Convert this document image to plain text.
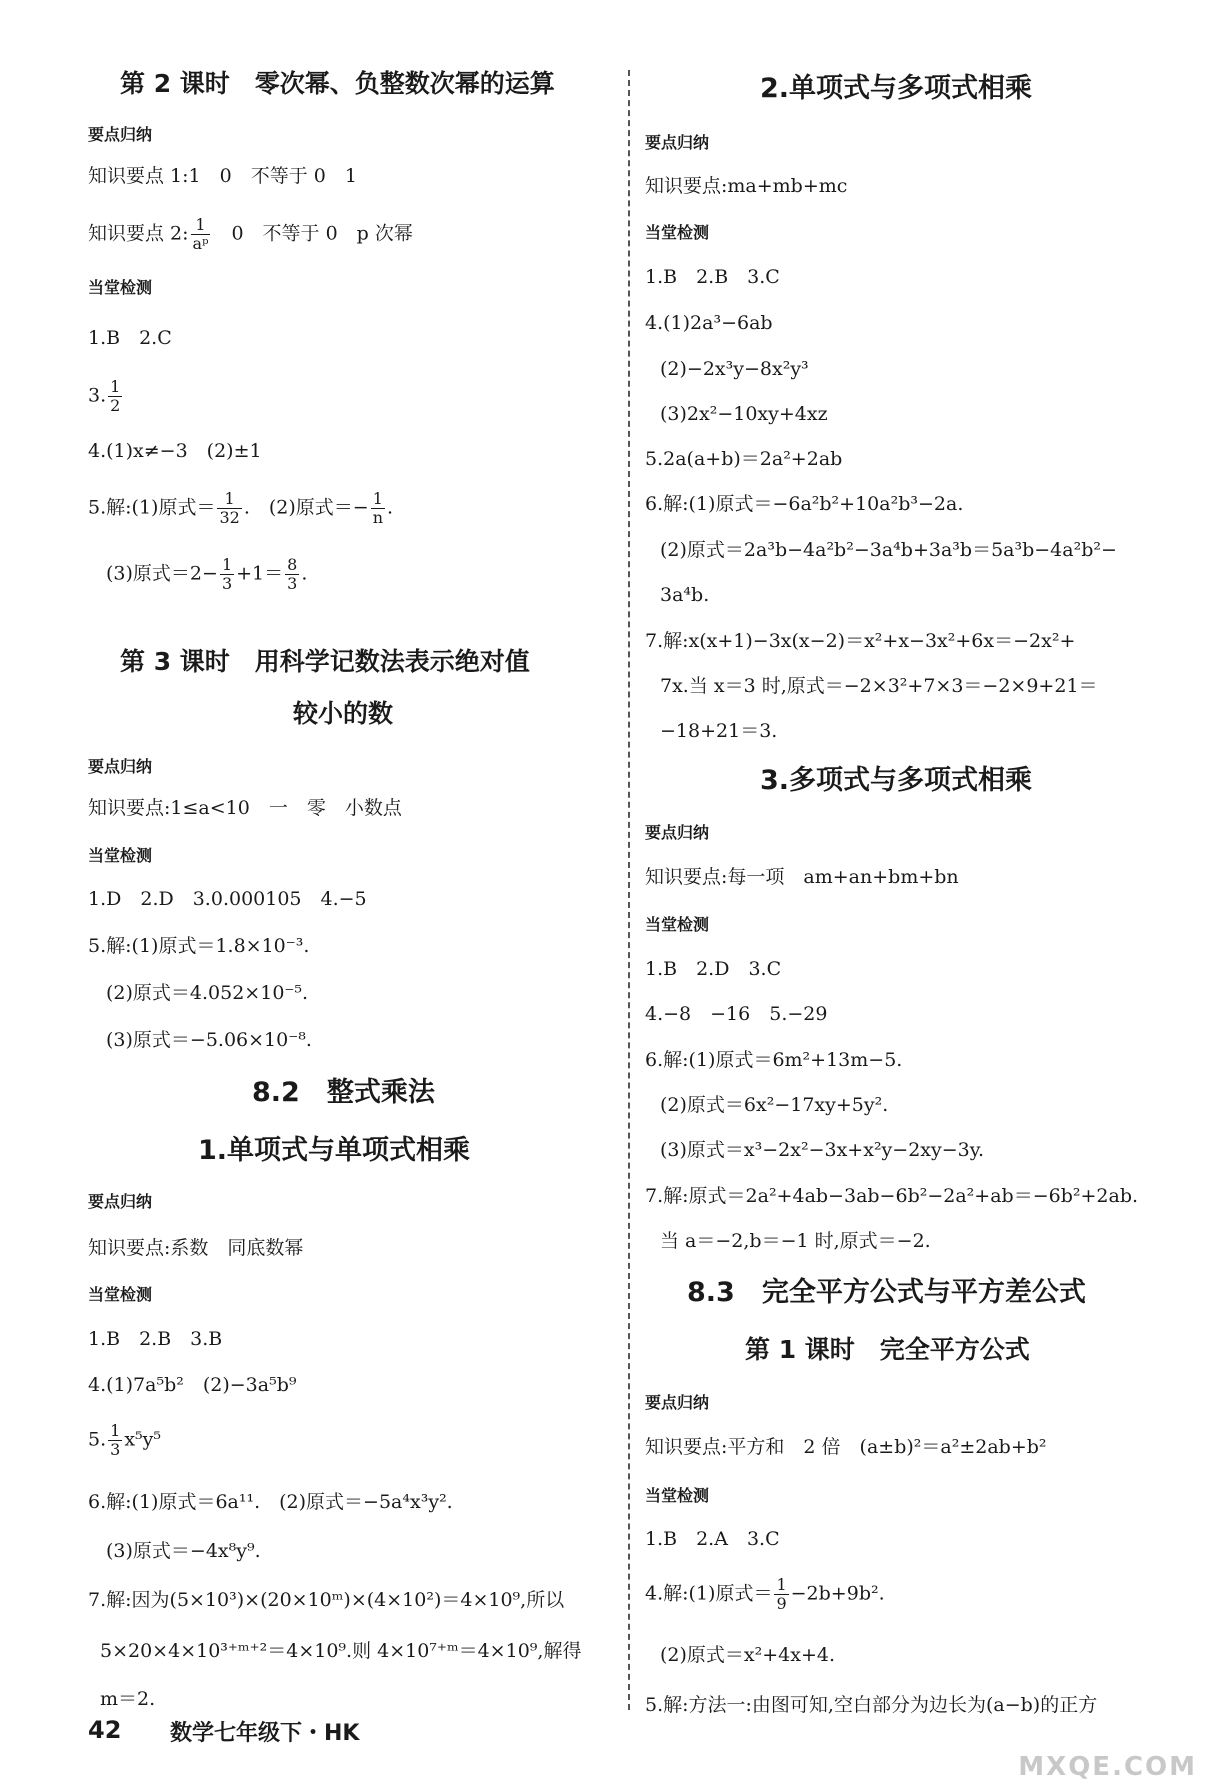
第 2 课时　零次幂、负整数次幂的运算
要点归纳
知识要点 1:1　0　不等于 0　1
知识要点 2: $\frac{1}{\text{aᵖ}}$ 　0　不等于 0　p 次幂
当堂检测
1.B　2.C
3. $\frac{1}{2}$
4.(1)x≠−3　(2)±1
5.解:(1)原式＝ $\frac{1}{32}$ .　(2)原式＝− $\frac{1}{n}$ .
(3)原式$=2- \frac{1}{3} +1= \frac{8}{3}$ .
第 3 课时　用科学记数法表示绝对值
较小的数
要点归纳
知识要点:1≤a<10　一　零　小数点
当堂检测
1.D　2.D　3.0.000105　4.−5
5.解:(1)原式＝1.8×10⁻³.
(2)原式＝4.052×10⁻⁵.
(3)原式＝−5.06×10⁻⁸.
8.2　整式乘法
1.单项式与单项式相乘
要点归纳
知识要点:系数　同底数幂
当堂检测
1.B　2.B　3.B
4.(1)7a⁵b²　(2)−3a⁵b⁹
5. $\frac{1}{3} x^5y^5$
6.解:(1)原式＝6a¹¹.　(2)原式＝−5a⁴x³y².
(3)原式＝−4x⁸y⁹.
7.解:因为(5×10³)×(20×10ᵐ)×(4×10²)＝4×10⁹,所以
5×20×4×10³⁺ᵐ⁺²＝4×10⁹.则 4×10⁷⁺ᵐ＝4×10⁹,解得
m＝2.
2.单项式与多项式相乘
要点归纳
知识要点:ma+mb+mc
当堂检测
1.B　2.B　3.C
4.(1)2a³−6ab
(2)−2x³y−8x²y³
(3)2x²−10xy+4xz
5.2a(a+b)＝2a²+2ab
6.解:(1)原式＝−6a²b²+10a²b³−2a.
(2)原式＝2a³b−4a²b²−3a⁴b+3a³b＝5a³b−4a²b²−
3a⁴b.
7.解:x(x+1)−3x(x−2)＝x²+x−3x²+6x＝−2x²+
7x.当 x＝3 时,原式＝−2×3²+7×3＝−2×9+21＝
−18+21＝3.
3.多项式与多项式相乘
要点归纳
知识要点:每一项　am+an+bm+bn
当堂检测
1.B　2.D　3.C
4.−8　−16　5.−29
6.解:(1)原式＝6m²+13m−5.
(2)原式＝6x²−17xy+5y².
(3)原式＝x³−2x²−3x+x²y−2xy−3y.
7.解:原式＝2a²+4ab−3ab−6b²−2a²+ab＝−6b²+2ab.
当 a＝−2,b＝−1 时,原式＝−2.
8.3　完全平方公式与平方差公式
第 1 课时　完全平方公式
要点归纳
知识要点:平方和　2 倍　(a±b)²＝a²±2ab+b²
当堂检测
1.B　2.A　3.C
4.解:(1)原式＝ $\frac{1}{9} -2b+9b^2$.
(2)原式＝x²+4x+4.
5.解:方法一:由图可知,空白部分为边长为(a−b)的正方
42 数学七年级下・HK
MXQE.COM
